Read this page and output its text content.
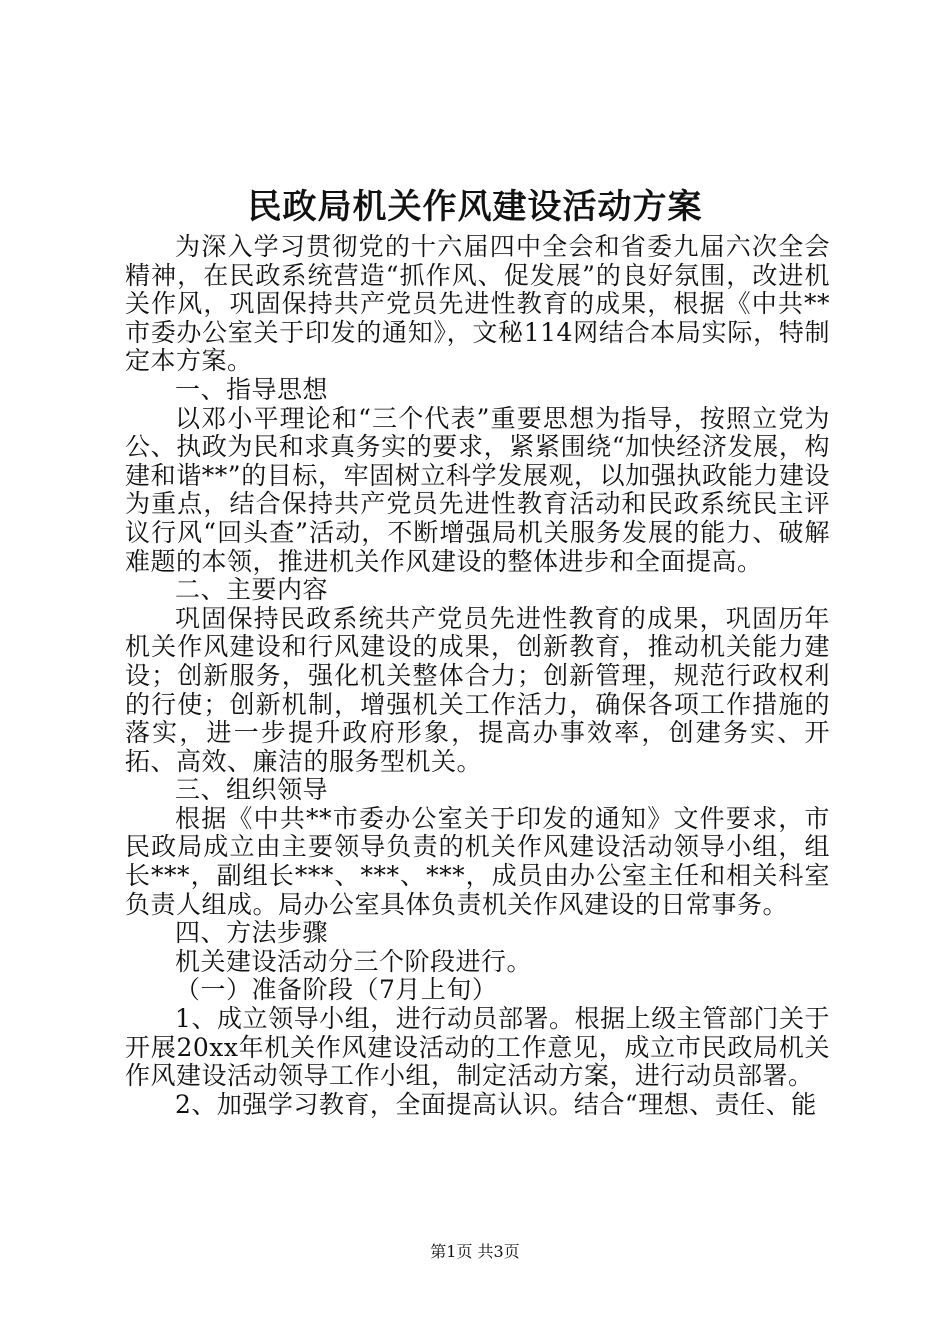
民政局机关作风建设活动方案

为深入学习贯彻党的十六届四中全会和省委九届六次全会精神，在民政系统营造“抓作风、促发展”的良好氛围，改进机关作风，巩固保持共产党员先进性教育的成果，根据《中共**市委办公室关于印发的通知》，文秘114网结合本局实际，特制定本方案。

一、指导思想

以邓小平理论和“三个代表”重要思想为指导，按照立党为公、执政为民和求真务实的要求，紧紧围绕“加快经济发展，构建和谐**”的目标，牢固树立科学发展观，以加强执政能力建设为重点，结合保持共产党员先进性教育活动和民政系统民主评议行风“回头查”活动，不断增强局机关服务发展的能力、破解难题的本领，推进机关作风建设的整体进步和全面提高。

二、主要内容

巩固保持民政系统共产党员先进性教育的成果，巩固历年机关作风建设和行风建设的成果，创新教育，推动机关能力建设；创新服务，强化机关整体合力；创新管理，规范行政权利的行使；创新机制，增强机关工作活力，确保各项工作措施的落实，进一步提升政府形象，提高办事效率，创建务实、开拓、高效、廉洁的服务型机关。

三、组织领导

根据《中共**市委办公室关于印发的通知》文件要求，市民政局成立由主要领导负责的机关作风建设活动领导小组，组长***，副组长***、***、***，成员由办公室主任和相关科室负责人组成。局办公室具体负责机关作风建设的日常事务。

四、方法步骤

机关建设活动分三个阶段进行。

（一）准备阶段（7月上旬）

1、成立领导小组，进行动员部署。根据上级主管部门关于开展20xx年机关作风建设活动的工作意见，成立市民政局机关作风建设活动领导工作小组，制定活动方案，进行动员部署。

2、加强学习教育，全面提高认识。结合“理想、责任、能

第1页 共3页
